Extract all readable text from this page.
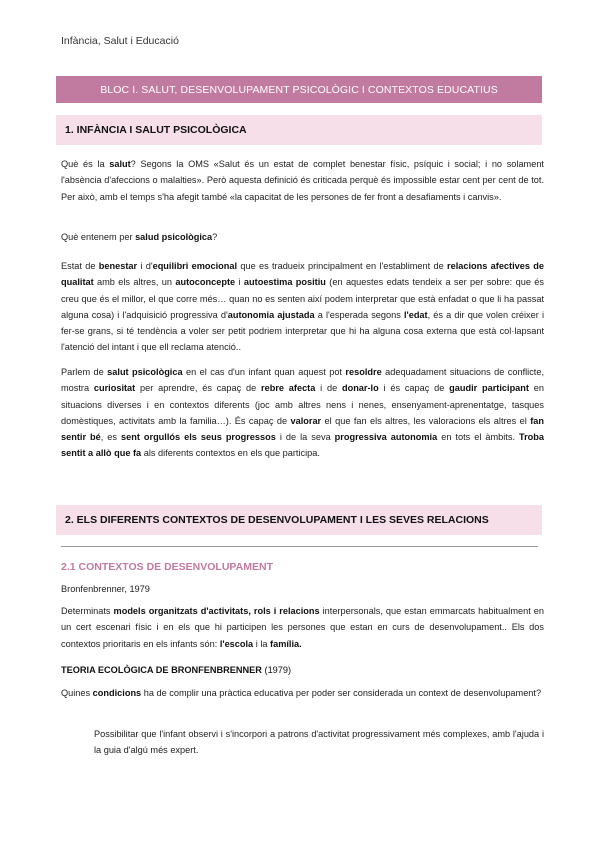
Infància, Salut i Educació
BLOC I. SALUT, DESENVOLUPAMENT PSICOLÒGIC I CONTEXTOS EDUCATIUS
1. INFÀNCIA I SALUT PSICOLÒGICA

Què és la salut? Segons la OMS «Salut és un estat de complet benestar físic, psíquic i social; i no solament l'absència d'afeccions o malalties». Però aquesta definició és criticada perquè és impossible estar cent per cent de tot. Per això, amb el temps s'ha afegit també «la capacitat de les persones de fer front a desafiaments i canvis».

Què entenem per salud psicològica?

Estat de benestar i d'equilibri emocional que es tradueix principalment en l'establiment de relacions afectives de qualitat amb els altres, un autoconcepte i autoestima positiu (en aquestes edats tendeix a ser per sobre: que és creu que és el millor, el que corre més… quan no es senten així podem interpretar que està enfadat o que li ha passat alguna cosa) i l'adquisició progressiva d'autonomia ajustada a l'esperada segons l'edat, és a dir que volen créixer i fer-se grans, si té tendència a voler ser petit podriem interpretar que hi ha alguna cosa externa que està col·lapsant l'atenció del intant i que ell reclama atenció..

Parlem de salut psicològica en el cas d'un infant quan aquest pot resoldre adequadament situacions de conflicte, mostra curiositat per aprendre, és capaç de rebre afecta i de donar-lo i és capaç de gaudir participant en situacions diverses i en contextos diferents (joc amb altres nens i nenes, ensenyament-aprenentatge, tasques domèstiques, activitats amb la familia…). És capaç de valorar el que fan els altres, les valoracions els altres el fan sentir bé, es sent orgullós els seus progressos i de la seva progressiva autonomia en tots el àmbits. Troba sentit a allò que fa als diferents contextos en els que participa.

2. ELS DIFERENTS CONTEXTOS DE DESENVOLUPAMENT I LES SEVES RELACIONS
2.1 CONTEXTOS DE DESENVOLUPAMENT
Bronfenbrenner, 1979

Determinats models organitzats d'activitats, rols i relacions interpersonals, que estan emmarcats habitualment en un cert escenari físic i en els que hi participen les persones que estan en curs de desenvolupament.. Els dos contextos prioritaris en els infants són: l'escola i la família.

TEORIA ECOLÒGICA DE BRONFENBRENNER (1979)

Quines condicions ha de complir una pràctica educativa per poder ser considerada un context de desenvolupament?

Possibilitar que l'infant observi i s'incorpori a patrons d'activitat progressivament més complexes, amb l'ajuda i la guia d'algú més expert.
